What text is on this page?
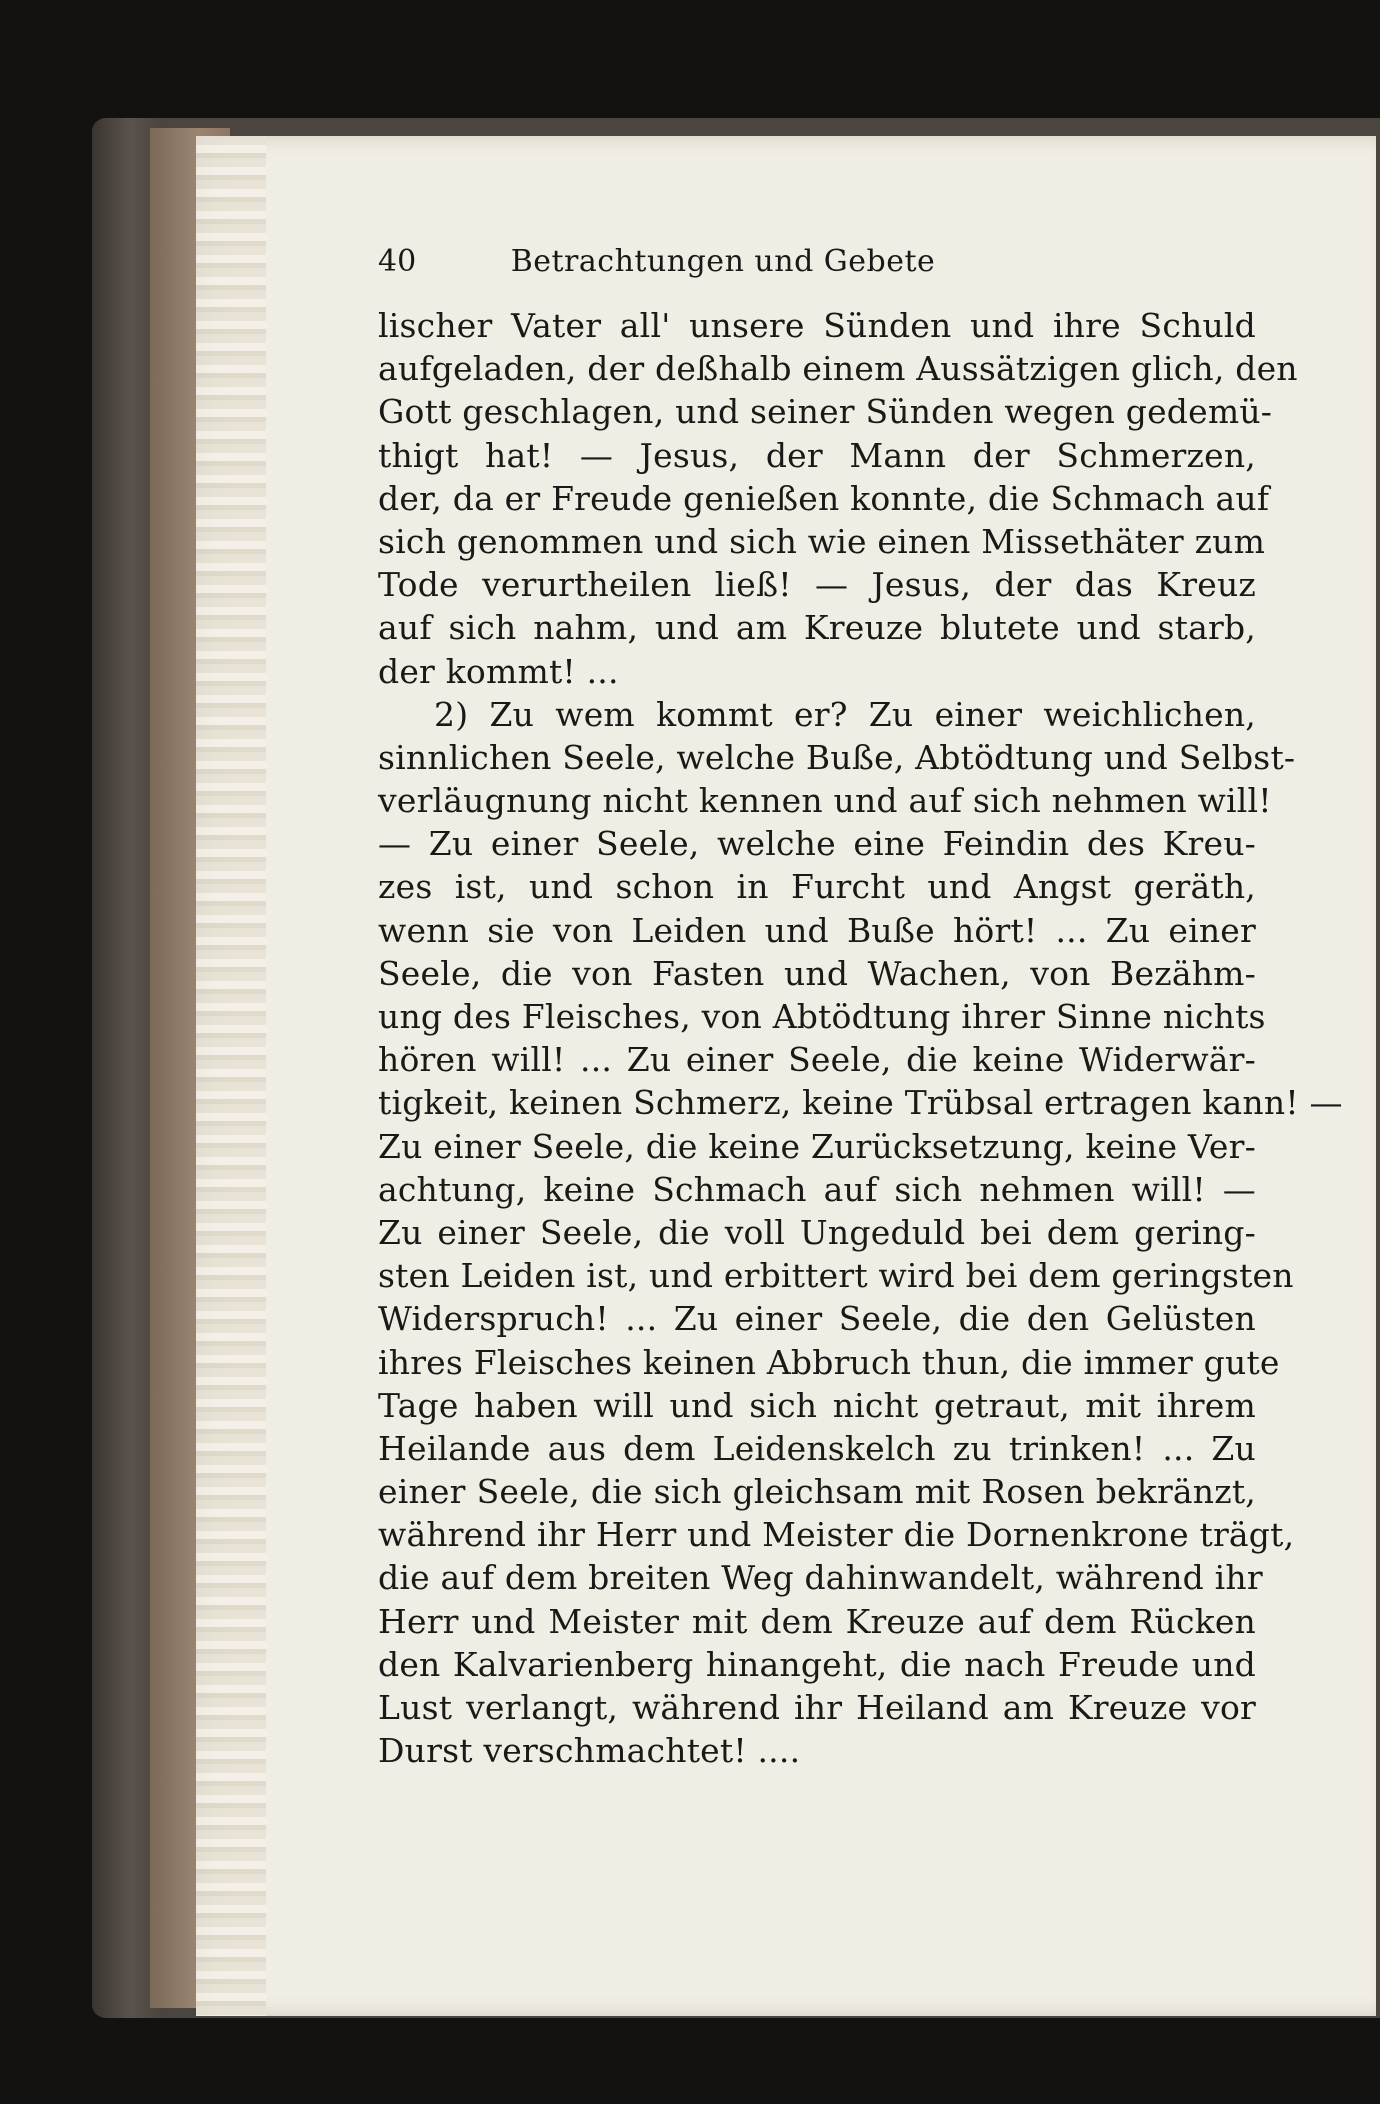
40	Betrachtungen und Gebete
lischer Vater all' unsere Sünden und ihre Schuld
aufgeladen, der deßhalb einem Aussätzigen glich, den
Gott geschlagen, und seiner Sünden wegen gedemü-
thigt hat! — Jesus, der Mann der Schmerzen,
der, da er Freude genießen konnte, die Schmach auf
sich genommen und sich wie einen Missethäter zum
Tode verurtheilen ließ! — Jesus, der das Kreuz
auf sich nahm, und am Kreuze blutete und starb,
der kommt! ...
2) Zu wem kommt er? Zu einer weichlichen,
sinnlichen Seele, welche Buße, Abtödtung und Selbst-
verläugnung nicht kennen und auf sich nehmen will!
— Zu einer Seele, welche eine Feindin des Kreu-
zes ist, und schon in Furcht und Angst geräth,
wenn sie von Leiden und Buße hört! ... Zu einer
Seele, die von Fasten und Wachen, von Bezähm-
ung des Fleisches, von Abtödtung ihrer Sinne nichts
hören will! ... Zu einer Seele, die keine Widerwär-
tigkeit, keinen Schmerz, keine Trübsal ertragen kann! —
Zu einer Seele, die keine Zurücksetzung, keine Ver-
achtung, keine Schmach auf sich nehmen will! —
Zu einer Seele, die voll Ungeduld bei dem gering-
sten Leiden ist, und erbittert wird bei dem geringsten
Widerspruch! ... Zu einer Seele, die den Gelüsten
ihres Fleisches keinen Abbruch thun, die immer gute
Tage haben will und sich nicht getraut, mit ihrem
Heilande aus dem Leidenskelch zu trinken! ... Zu
einer Seele, die sich gleichsam mit Rosen bekränzt,
während ihr Herr und Meister die Dornenkrone trägt,
die auf dem breiten Weg dahinwandelt, während ihr
Herr und Meister mit dem Kreuze auf dem Rücken
den Kalvarienberg hinangeht, die nach Freude und
Lust verlangt, während ihr Heiland am Kreuze vor
Durst verschmachtet! ....
